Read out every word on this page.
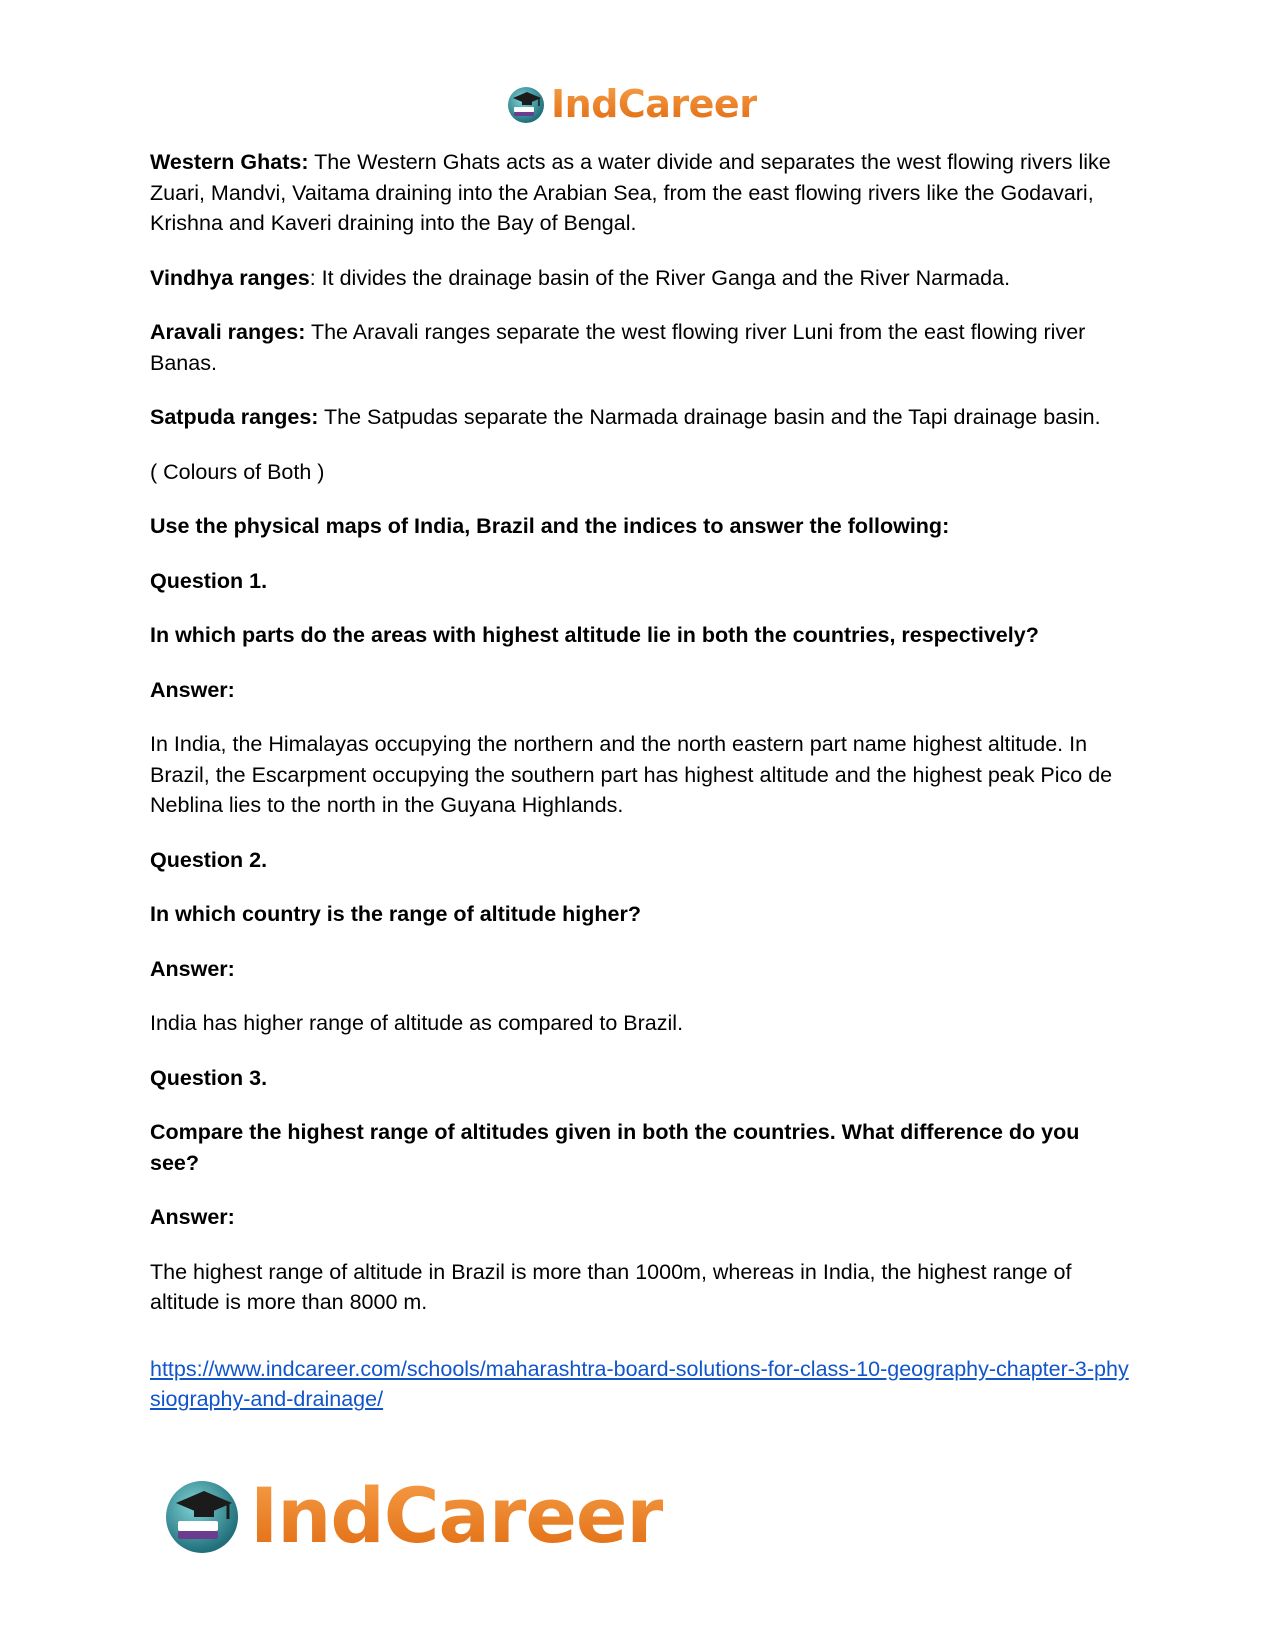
IndCareer

Western Ghats: The Western Ghats acts as a water divide and separates the west flowing rivers like Zuari, Mandvi, Vaitama draining into the Arabian Sea, from the east flowing rivers like the Godavari, Krishna and Kaveri draining into the Bay of Bengal.

Vindhya ranges: It divides the drainage basin of the River Ganga and the River Narmada.

Aravali ranges: The Aravali ranges separate the west flowing river Luni from the east flowing river Banas.

Satpuda ranges: The Satpudas separate the Narmada drainage basin and the Tapi drainage basin.

( Colours of Both )

Use the physical maps of India, Brazil and the indices to answer the following:

Question 1.

In which parts do the areas with highest altitude lie in both the countries, respectively?

Answer:

In India, the Himalayas occupying the northern and the north eastern part name highest altitude. In Brazil, the Escarpment occupying the southern part has highest altitude and the highest peak Pico de Neblina lies to the north in the Guyana Highlands.

Question 2.

In which country is the range of altitude higher?

Answer:

India has higher range of altitude as compared to Brazil.

Question 3.

Compare the highest range of altitudes given in both the countries. What difference do you see?

Answer:

The highest range of altitude in Brazil is more than 1000m, whereas in India, the highest range of altitude is more than 8000 m.

https://www.indcareer.com/schools/maharashtra-board-solutions-for-class-10-geography-chapter-3-physiography-and-drainage/

IndCareer
